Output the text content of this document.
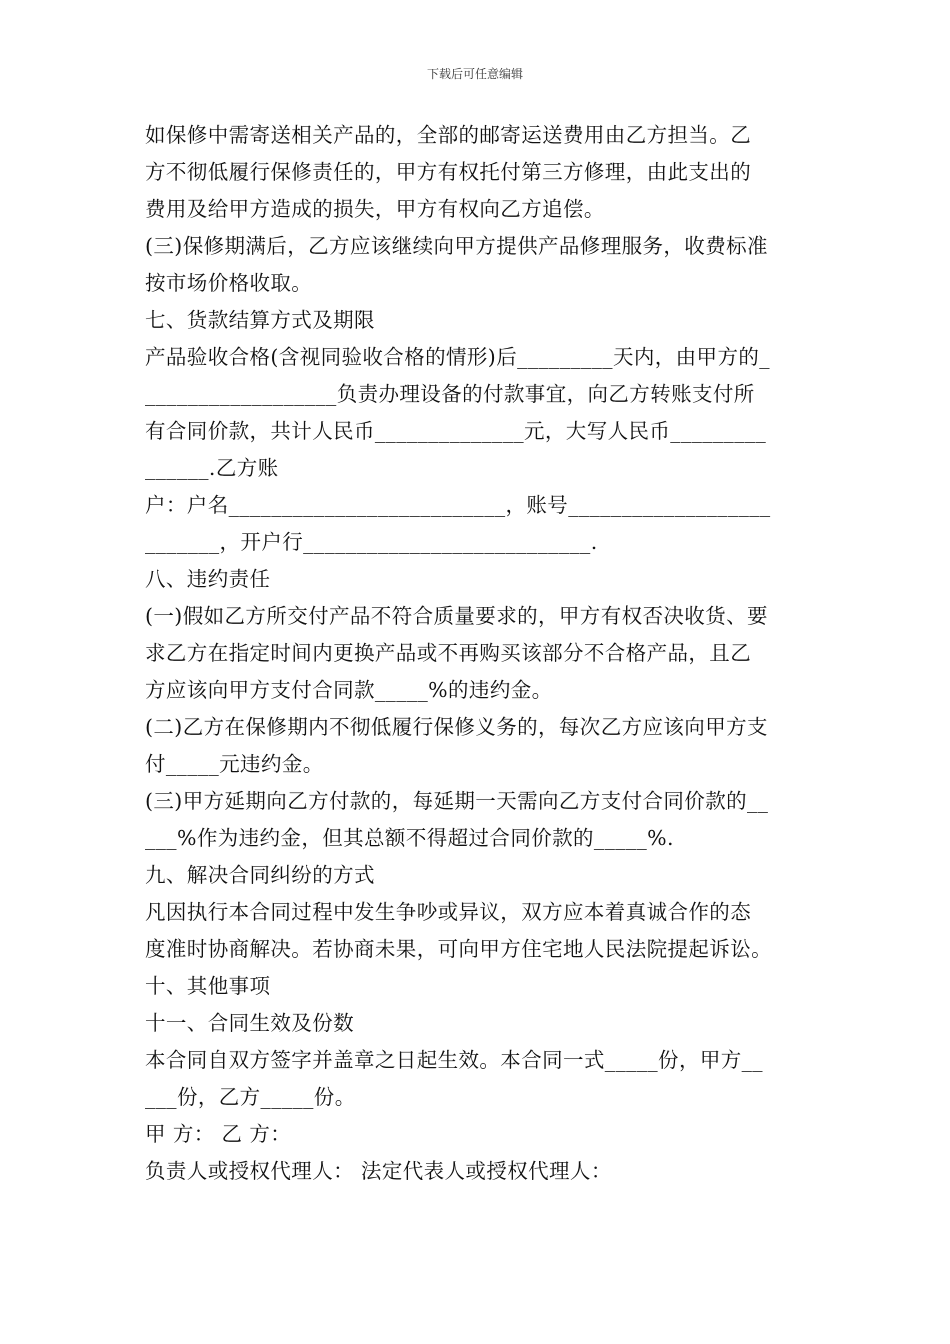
下载后可任意编辑
如保修中需寄送相关产品的，全部的邮寄运送费用由乙方担当。乙
方不彻低履行保修责任的，甲方有权托付第三方修理，由此支出的
费用及给甲方造成的损失，甲方有权向乙方追偿。
(三)保修期满后，乙方应该继续向甲方提供产品修理服务，收费标准
按市场价格收取。
七、货款结算方式及期限
产品验收合格(含视同验收合格的情形)后_________天内，由甲方的_
__________________负责办理设备的付款事宜，向乙方转账支付所
有合同价款，共计人民币______________元，大写人民币_________
______.乙方账
户：户名__________________________，账号___________________
_______，开户行___________________________.
八、违约责任
(一)假如乙方所交付产品不符合质量要求的，甲方有权否决收货、要
求乙方在指定时间内更换产品或不再购买该部分不合格产品，且乙
方应该向甲方支付合同款_____%的违约金。
(二)乙方在保修期内不彻低履行保修义务的，每次乙方应该向甲方支
付_____元违约金。
(三)甲方延期向乙方付款的，每延期一天需向乙方支付合同价款的__
___%作为违约金，但其总额不得超过合同价款的_____%.
九、解决合同纠纷的方式
凡因执行本合同过程中发生争吵或异议，双方应本着真诚合作的态
度准时协商解决。若协商未果，可向甲方住宅地人民法院提起诉讼。
十、其他事项
十一、合同生效及份数
本合同自双方签字并盖章之日起生效。本合同一式_____份，甲方__
___份，乙方_____份。
甲 方： 乙 方：
负责人或授权代理人： 法定代表人或授权代理人：
